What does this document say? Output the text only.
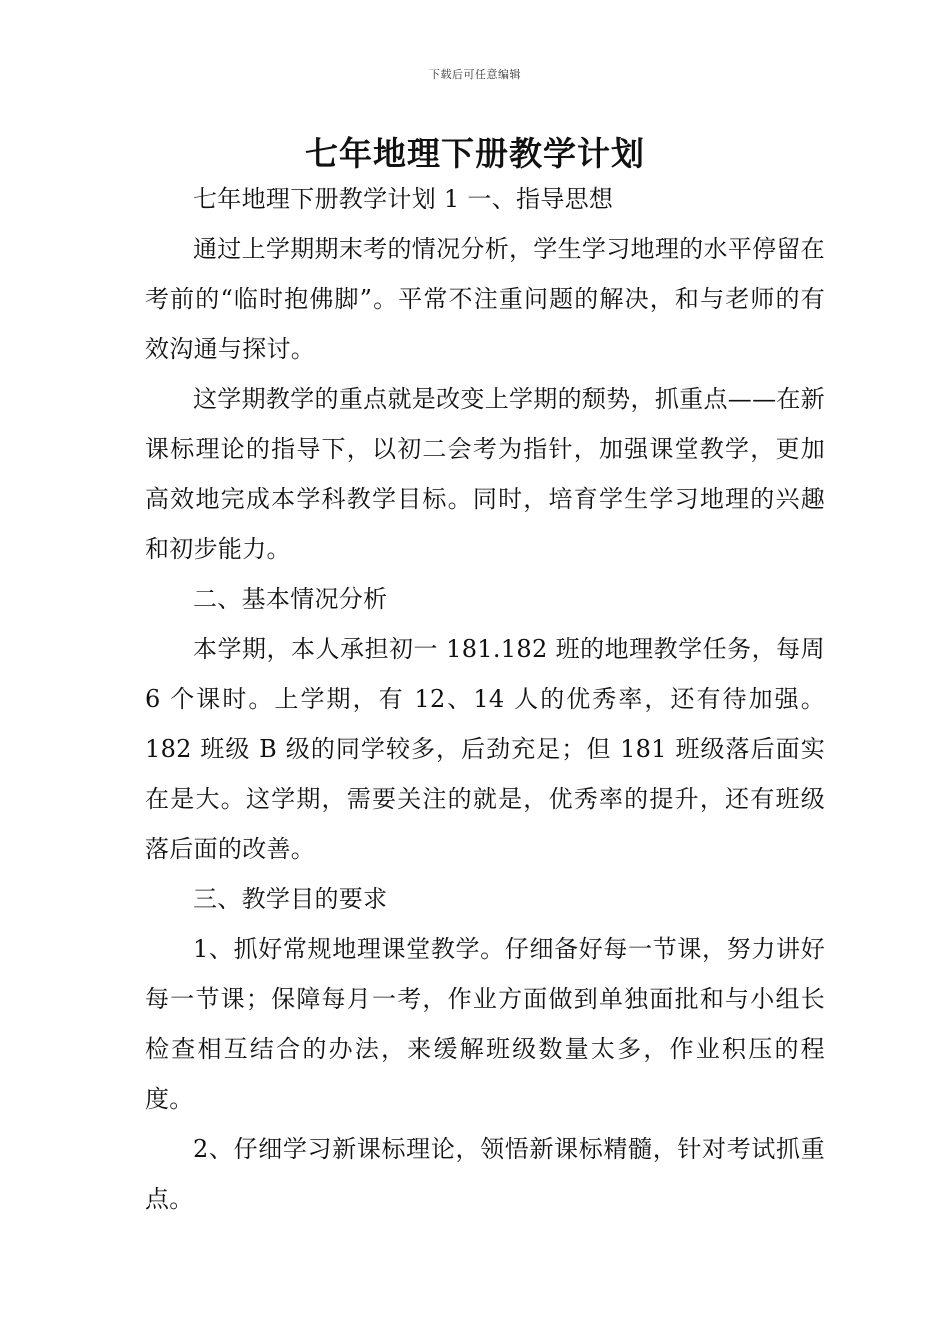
下载后可任意编辑
七年地理下册教学计划

七年地理下册教学计划 1 一、指导思想

通过上学期期末考的情况分析，学生学习地理的水平停留在考前的“临时抱佛脚”。平常不注重问题的解决，和与老师的有效沟通与探讨。

这学期教学的重点就是改变上学期的颓势，抓重点——在新课标理论的指导下，以初二会考为指针，加强课堂教学，更加高效地完成本学科教学目标。同时，培育学生学习地理的兴趣和初步能力。

二、基本情况分析

本学期，本人承担初一 181.182 班的地理教学任务，每周 6 个课时。上学期，有 12、14 人的优秀率，还有待加强。182 班级 B 级的同学较多，后劲充足；但 181 班级落后面实在是大。这学期，需要关注的就是，优秀率的提升，还有班级落后面的改善。

三、教学目的要求

1、抓好常规地理课堂教学。仔细备好每一节课，努力讲好每一节课；保障每月一考，作业方面做到单独面批和与小组长检查相互结合的办法，来缓解班级数量太多，作业积压的程度。

2、仔细学习新课标理论，领悟新课标精髓，针对考试抓重点。
